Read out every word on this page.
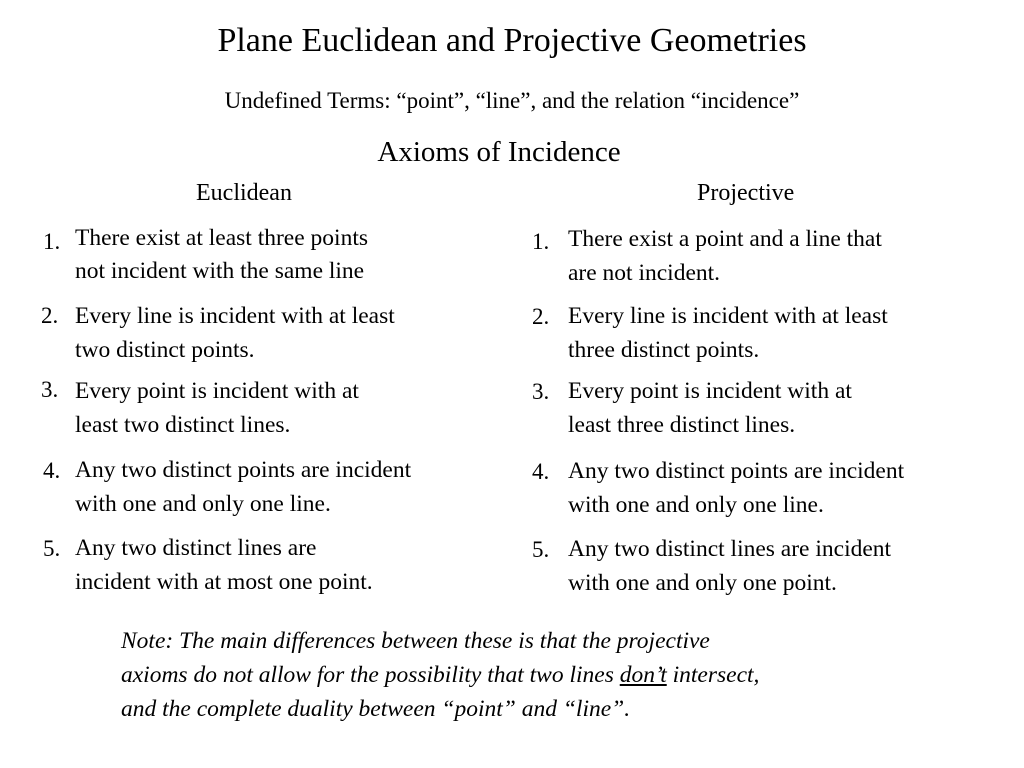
Plane Euclidean and Projective Geometries
Undefined Terms: “point”, “line”, and the relation “incidence”
Axioms of Incidence
Euclidean
1. There exist at least three points
not incident with the same line
2. Every line is incident with at least
two distinct points.
3. Every point is incident with at
least two distinct lines.
4. Any two distinct points are incident
with one and only one line.
5. Any two distinct lines are
incident with at most one point.
Projective
1. There exist a point and a line that
are not incident.
2. Every line is incident with at least
three distinct points.
3. Every point is incident with at
least three distinct lines.
4. Any two distinct points are incident
with one and only one line.
5. Any two distinct lines are incident
with one and only one point.
Note: The main differences between these is that the projective
axioms do not allow for the possibility that two lines don’t intersect,
and the complete duality between “point” and “line”.
